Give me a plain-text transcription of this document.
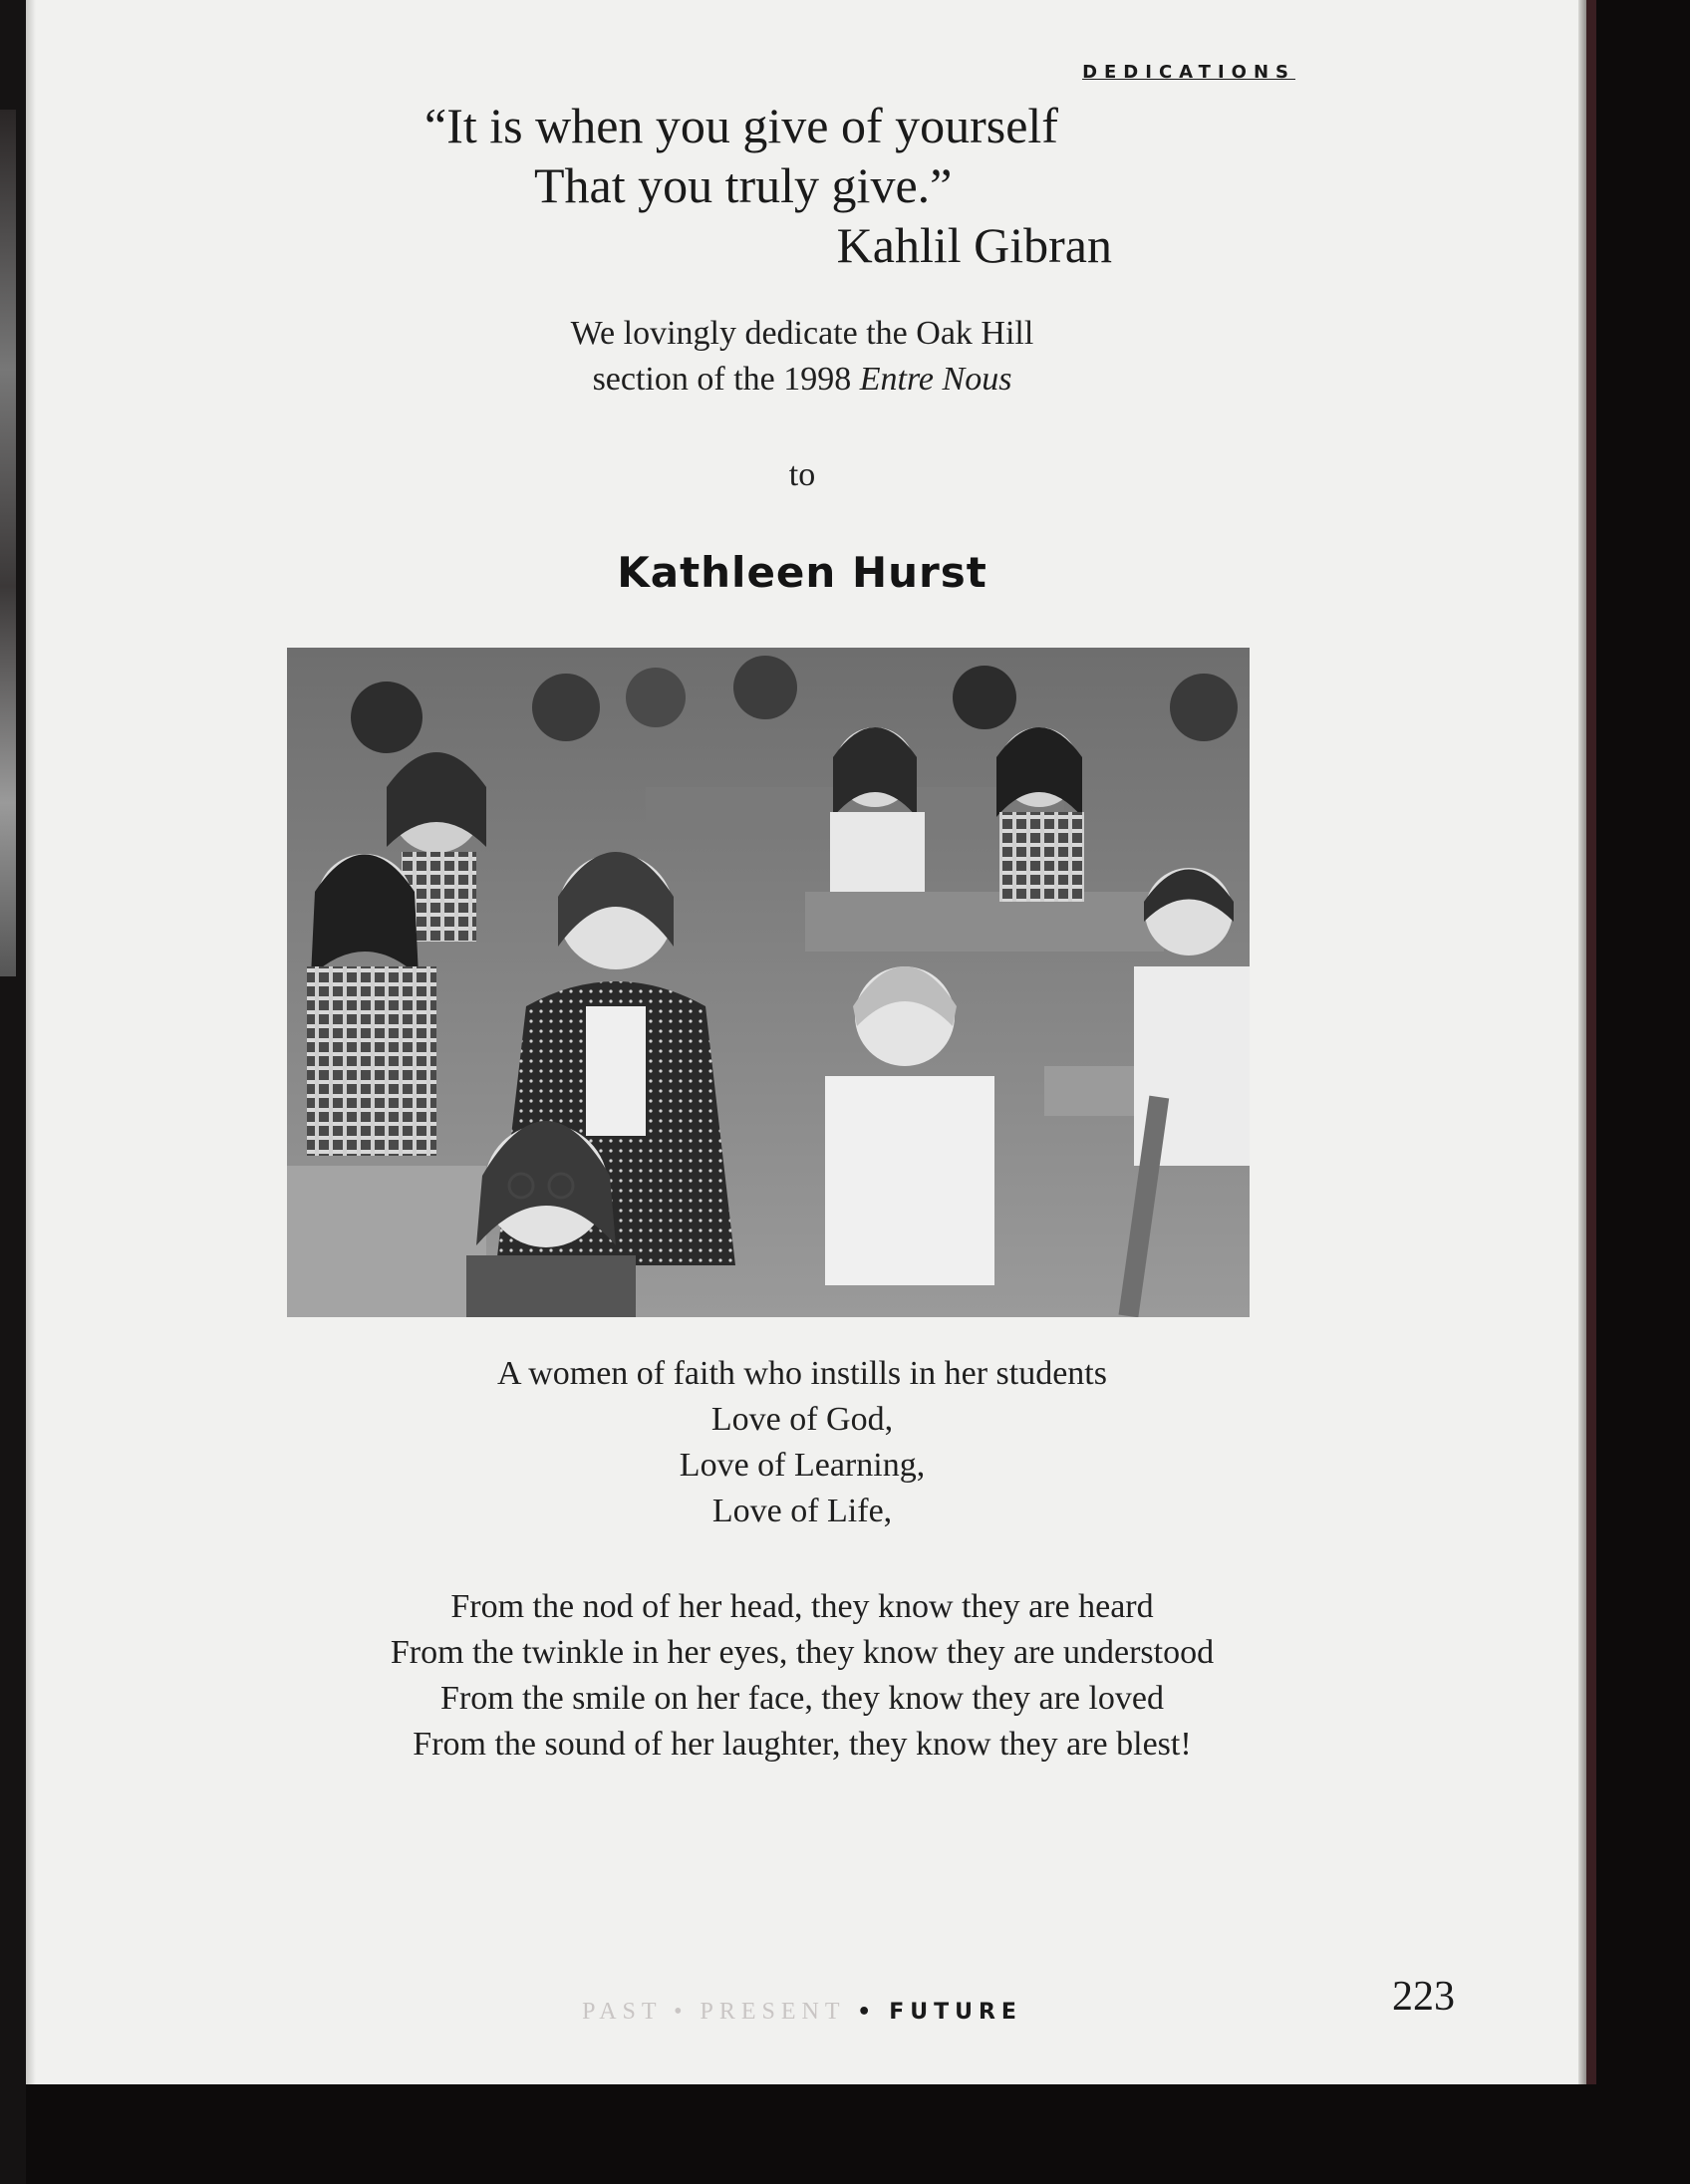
DEDICATIONS
“It is when you give of yourself
That you truly give.”
Kahlil Gibran
We lovingly dedicate the Oak Hill
section of the 1998 Entre Nous
to
Kathleen Hurst
A women of faith who instills in her students
Love of God,
Love of Learning,
Love of Life,
From the nod of her head, they know they are heard
From the twinkle in her eyes, they know they are understood
From the smile on her face, they know they are loved
From the sound of her laughter, they know they are blest!
PAST • PRESENT • FUTURE	223
